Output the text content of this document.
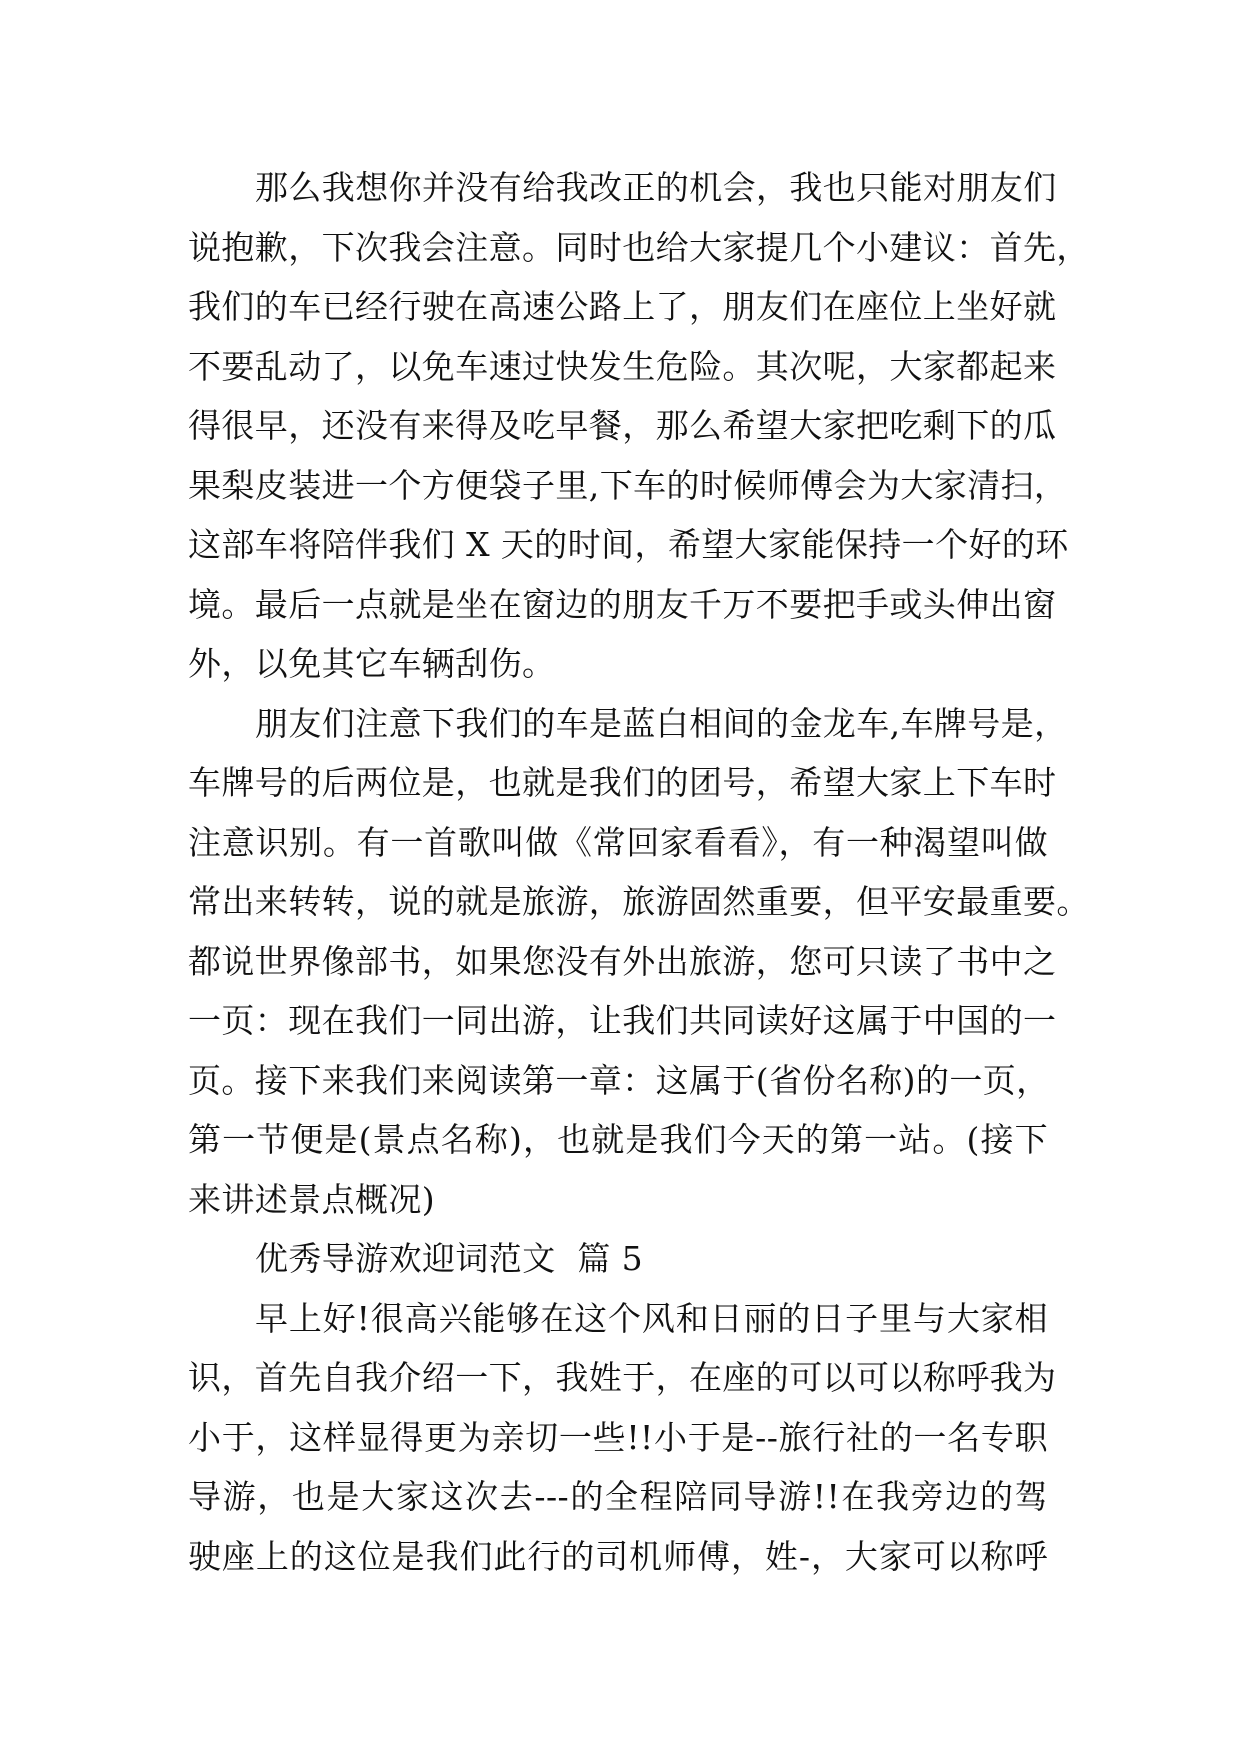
那么我想你并没有给我改正的机会，我也只能对朋友们
说抱歉，下次我会注意。同时也给大家提几个小建议：首先，
我们的车已经行驶在高速公路上了，朋友们在座位上坐好就
不要乱动了，以免车速过快发生危险。其次呢，大家都起来
得很早，还没有来得及吃早餐，那么希望大家把吃剩下的瓜
果梨皮装进一个方便袋子里,下车的时候师傅会为大家清扫，
这部车将陪伴我们 X 天的时间，希望大家能保持一个好的环
境。最后一点就是坐在窗边的朋友千万不要把手或头伸出窗
外，以免其它车辆刮伤。
朋友们注意下我们的车是蓝白相间的金龙车,车牌号是，
车牌号的后两位是，也就是我们的团号，希望大家上下车时
注意识别。有一首歌叫做《常回家看看》，有一种渴望叫做
常出来转转，说的就是旅游，旅游固然重要，但平安最重要。
都说世界像部书，如果您没有外出旅游，您可只读了书中之
一页：现在我们一同出游，让我们共同读好这属于中国的一
页。接下来我们来阅读第一章：这属于(省份名称)的一页，
第一节便是(景点名称)，也就是我们今天的第一站。(接下
来讲述景点概况)
优秀导游欢迎词范文  篇 5
早上好!很高兴能够在这个风和日丽的日子里与大家相
识，首先自我介绍一下，我姓于，在座的可以可以称呼我为
小于，这样显得更为亲切一些!!小于是--旅行社的一名专职
导游，也是大家这次去---的全程陪同导游!!在我旁边的驾
驶座上的这位是我们此行的司机师傅，姓-，大家可以称呼
